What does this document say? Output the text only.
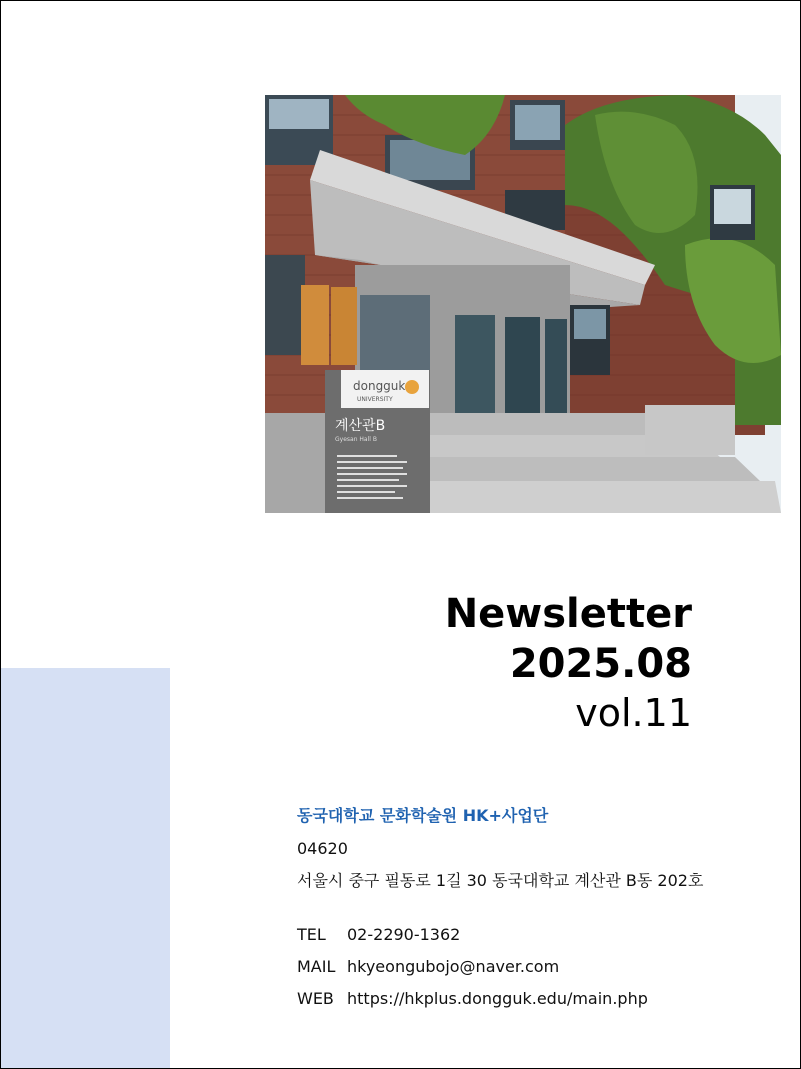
dongguk
UNIVERSITY
계산관B
Gyesan Hall B
Newsletter
2025.08
vol.11
동국대학교 문화학술원 HK+사업단
04620
서울시 중구 필동로 1길 30 동국대학교 계산관 B동 202호
TEL 02-2290-1362
MAIL hkyeongubojo@naver.com
WEB https://hkplus.dongguk.edu/main.php
